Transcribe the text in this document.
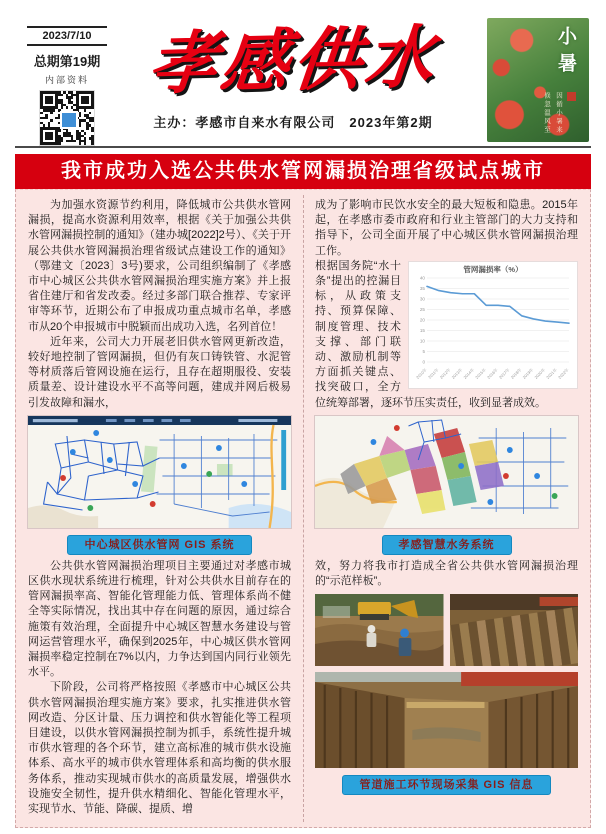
2023/7/10
总期第19期
内部资料 孝感供水
主办：孝感市自来水有限公司　2023年第2期
小暑
倏忽温风至 因循小暑来
我市成功入选公共供水管网漏损治理省级试点城市

为加强水资源节约利用，降低城市公共供水管网漏损，提高水资源利用效率，根据《关于加强公共供水管网漏损控制的通知》（建办城[2022]2号）、《关于开展公共供水管网漏损治理省级试点建设工作的通知》（鄂建文〔2023〕3号)要求，公司组织编制了《孝感市中心城区公共供水管网漏损治理实施方案》并上报省住建厅和省发改委。经过多部门联合推荐、专家评审等环节，近期公布了申报成功重点城市名单，孝感市从20个申报城市中脱颖而出成功入选，名列首位！

近年来，公司大力开展老旧供水管网更新改造，较好地控制了管网漏损，但仍有灰口铸铁管、水泥管等材质落后管网设施在运行，且存在超期服役、安装质量差、设计建设水平不高等问题，建成并网后极易引发故障和漏水，

成为了影响市民饮水安全的最大短板和隐患。2015年起，在孝感市委市政府和行业主管部门的大力支持和指导下，公司全面开展了中心城区供水管网漏损治理工作。

管网漏损率（%）
0
5
10
15
20
25
30
35
40
2010年 2011年 2012年 2013年 2014年 2015年 2016年 2017年 2018年 2019年 2020年 2021年 2022年

根据国务院“水十条”提出的控漏目标，从政策支持、预算保障、制度管理、技术支撑、部门联动、激励机制等方面抓关键点、找突破口，全方位统筹部署，逐环节压实责任，收到显著成效。

中心城区供水管网 GIS 系统	孝感智慧水务系统

公共供水管网漏损治理项目主要通过对孝感市城区供水现状系统进行梳理，针对公共供水目前存在的管网漏损率高、智能化管理能力低、管理体系尚不健全等实际情况，找出其中存在问题的原因，通过综合施策有效治理，全面提升中心城区智慧水务建设与管网运营管理水平，确保到2025年，中心城区供水管网漏损率稳定控制在7%以内，力争达到国内同行业领先水平。

下阶段，公司将严格按照《孝感市中心城区公共供水管网漏损治理实施方案》要求，扎实推进供水管网改造、分区计量、压力调控和供水智能化等工程项目建设，以供水管网漏损控制为抓手，系统性提升城市供水管理的各个环节，建立高标准的城市供水设施体系、高水平的城市供水管理体系和高均衡的供水服务体系，推动实现城市供水的高质量发展，增强供水设施安全韧性，提升供水精细化、智能化管理水平，实现节水、节能、降碳、提质、增

效，努力将我市打造成全省公共供水管网漏损治理的“示范样板”。

管道施工环节现场采集 GIS 信息
